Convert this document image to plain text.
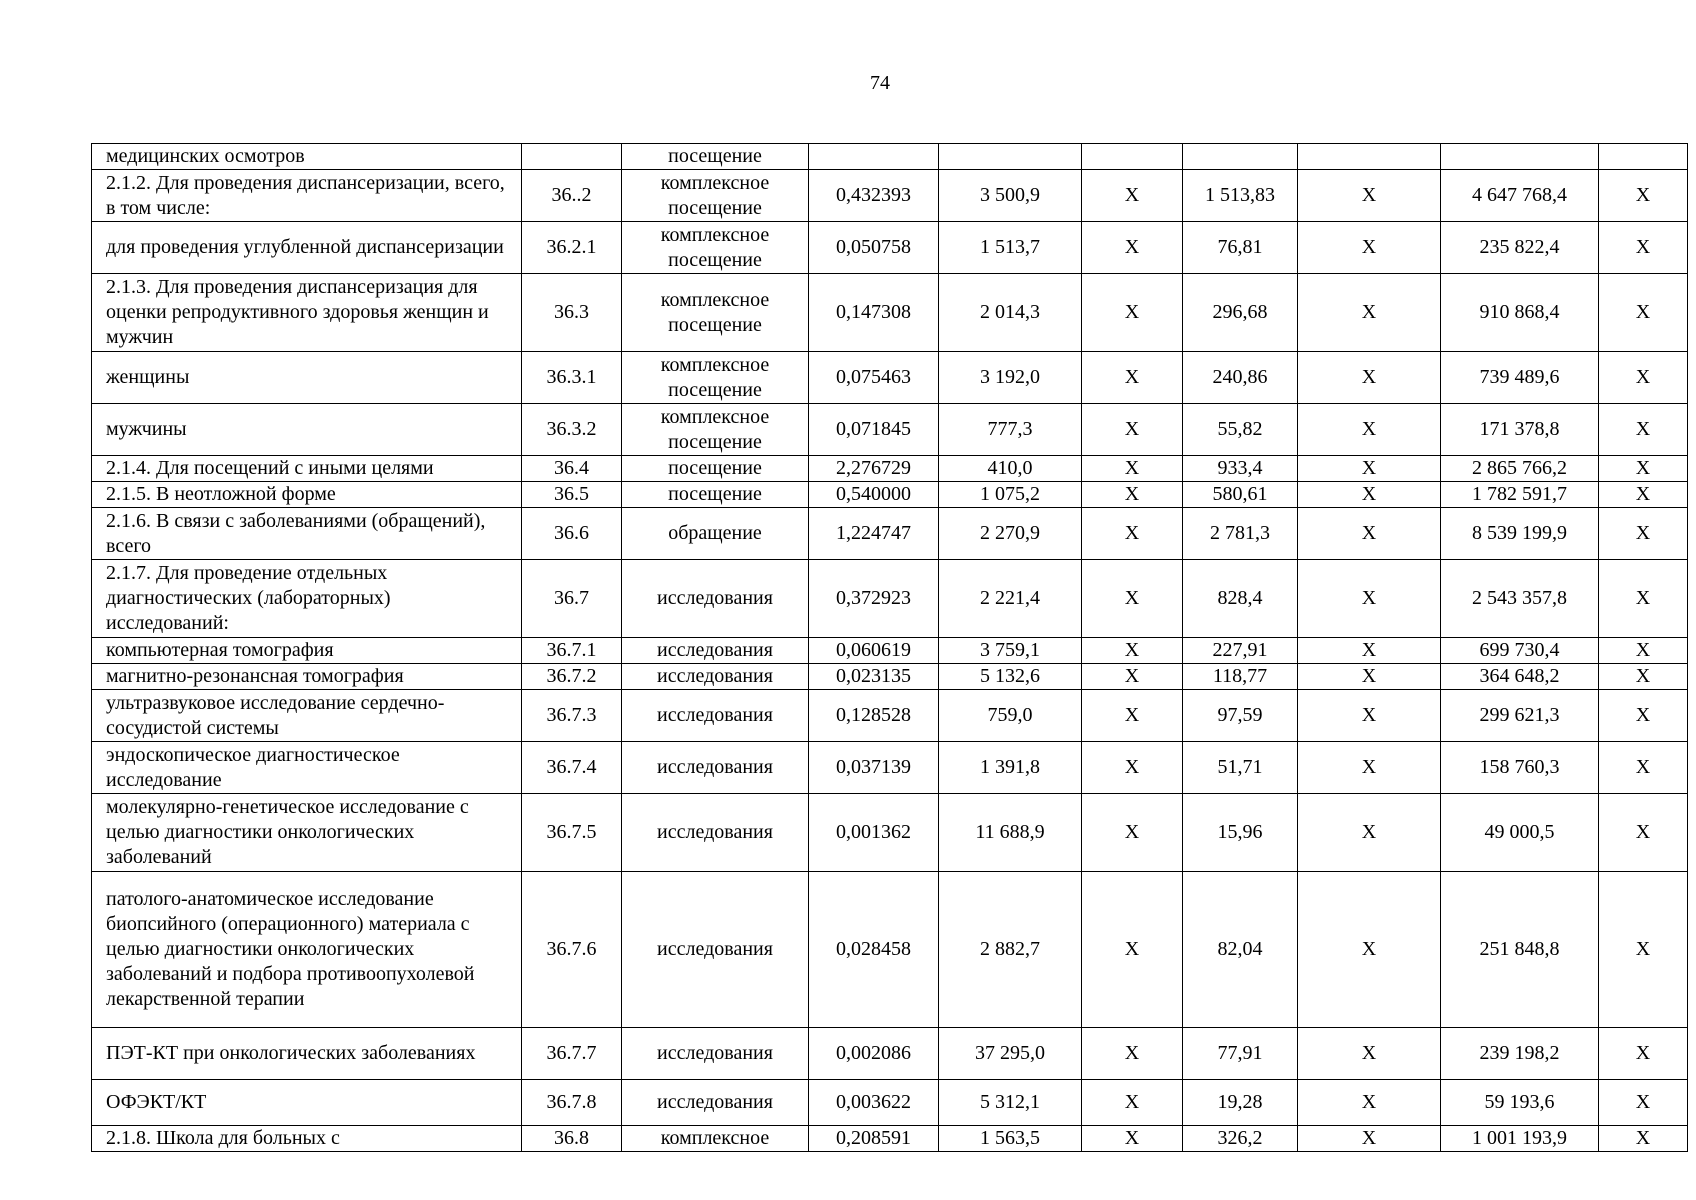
74
медицинских осмотров		посещение							
2.1.2. Для проведения диспансеризации, всего, в том числе:	36..2	комплексное посещение	0,432393	3 500,9	X	1 513,83	X	4 647 768,4	X
для проведения углубленной диспансеризации	36.2.1	комплексное посещение	0,050758	1 513,7	X	76,81	X	235 822,4	X
2.1.3. Для проведения диспансеризация для оценки репродуктивного здоровья женщин и мужчин	36.3	комплексное посещение	0,147308	2 014,3	X	296,68	X	910 868,4	X
женщины	36.3.1	комплексное посещение	0,075463	3 192,0	X	240,86	X	739 489,6	X
мужчины	36.3.2	комплексное посещение	0,071845	777,3	X	55,82	X	171 378,8	X
2.1.4. Для посещений с иными целями	36.4	посещение	2,276729	410,0	X	933,4	X	2 865 766,2	X
2.1.5. В неотложной форме	36.5	посещение	0,540000	1 075,2	X	580,61	X	1 782 591,7	X
2.1.6. В связи с заболеваниями (обращений), всего	36.6	обращение	1,224747	2 270,9	X	2 781,3	X	8 539 199,9	X
2.1.7. Для проведение отдельных диагностических (лабораторных) исследований:	36.7	исследования	0,372923	2 221,4	X	828,4	X	2 543 357,8	X
компьютерная томография	36.7.1	исследования	0,060619	3 759,1	X	227,91	X	699 730,4	X
магнитно-резонансная томография	36.7.2	исследования	0,023135	5 132,6	X	118,77	X	364 648,2	X
ультразвуковое исследование сердечно-сосудистой системы	36.7.3	исследования	0,128528	759,0	X	97,59	X	299 621,3	X
эндоскопическое диагностическое исследование	36.7.4	исследования	0,037139	1 391,8	X	51,71	X	158 760,3	X
молекулярно-генетическое исследование с целью диагностики онкологических заболеваний	36.7.5	исследования	0,001362	11 688,9	X	15,96	X	49 000,5	X
патолого-анатомическое исследование биопсийного (операционного) материала с целью диагностики онкологических заболеваний и подбора противоопухолевой лекарственной терапии	36.7.6	исследования	0,028458	2 882,7	X	82,04	X	251 848,8	X
ПЭТ-КТ при онкологических заболеваниях	36.7.7	исследования	0,002086	37 295,0	X	77,91	X	239 198,2	X
ОФЭКТ/КТ	36.7.8	исследования	0,003622	5 312,1	X	19,28	X	59 193,6	X
2.1.8. Школа для больных с	36.8	комплексное	0,208591	1 563,5	X	326,2	X	1 001 193,9	X
